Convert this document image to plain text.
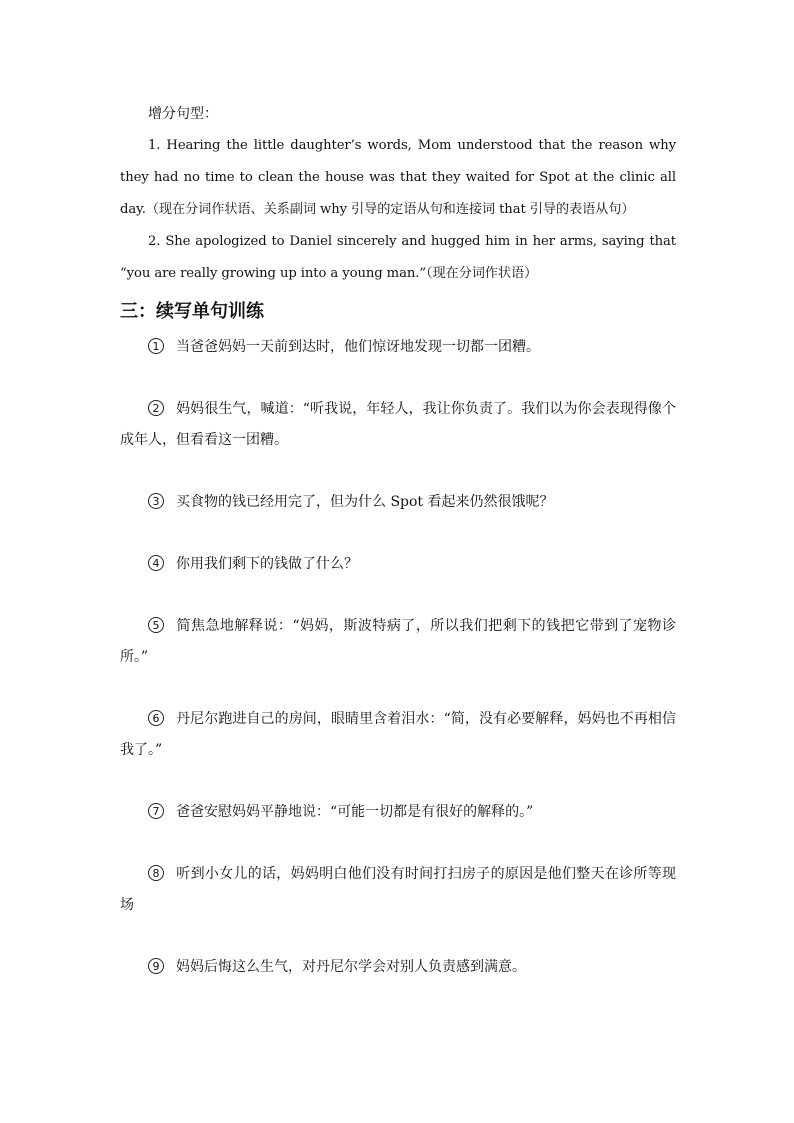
增分句型：

1. Hearing the little daughter’s words, Mom understood that the reason why they had no time to clean the house was that they waited for Spot at the clinic all day.（现在分词作状语、关系副词 why 引导的定语从句和连接词 that 引导的表语从句）

2. She apologized to Daniel sincerely and hugged him in her arms, saying that “you are really growing up into a young man.”（现在分词作状语）

三：续写单句训练

1 当爸爸妈妈一天前到达时，他们惊讶地发现一切都一团糟。

2 妈妈很生气，喊道：“听我说，年轻人，我让你负责了。我们以为你会表现得像个成年人，但看看这一团糟。

3 买食物的钱已经用完了，但为什么 Spot 看起来仍然很饿呢？

4 你用我们剩下的钱做了什么？

5 简焦急地解释说：“妈妈，斯波特病了，所以我们把剩下的钱把它带到了宠物诊所。”

6 丹尼尔跑进自己的房间，眼睛里含着泪水：“简，没有必要解释，妈妈也不再相信我了。”

7 爸爸安慰妈妈平静地说：“可能一切都是有很好的解释的。”

8 听到小女儿的话，妈妈明白他们没有时间打扫房子的原因是他们整天在诊所等现场

9 妈妈后悔这么生气，对丹尼尔学会对别人负责感到满意。
